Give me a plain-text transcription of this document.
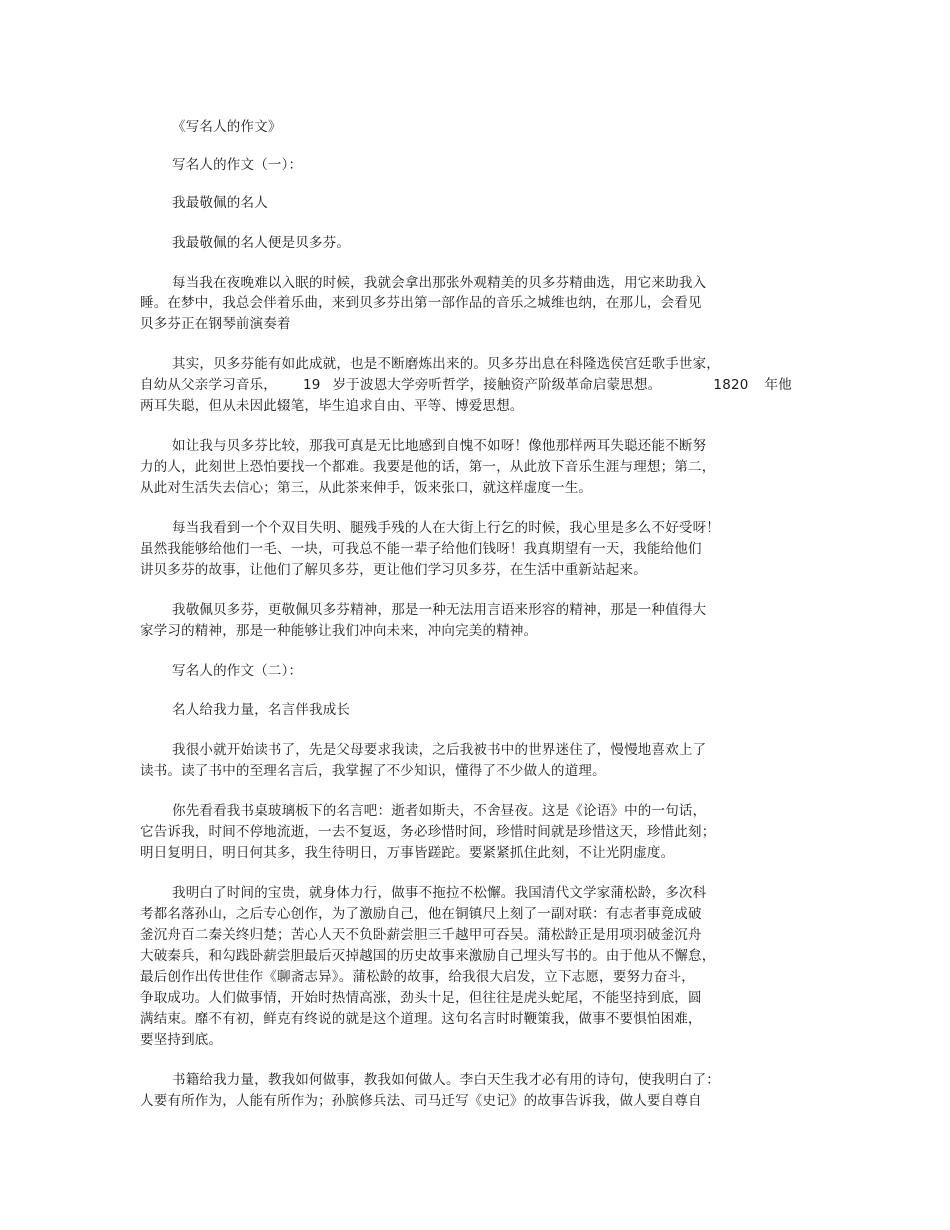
《写名人的作文》
写名人的作文（一）：
我最敬佩的名人
我最敬佩的名人便是贝多芬。
每当我在夜晚难以入眠的时候，我就会拿出那张外观精美的贝多芬精曲选，用它来助我入
睡。在梦中，我总会伴着乐曲，来到贝多芬出第一部作品的音乐之城维也纳，在那儿，会看见
贝多芬正在钢琴前演奏着
其实，贝多芬能有如此成就，也是不断磨炼出来的。贝多芬出息在科隆选侯宫廷歌手世家，
自幼从父亲学习音乐， 19 岁于波恩大学旁听哲学，接触资产阶级革命启蒙思想。	1820 年他
两耳失聪，但从未因此辍笔，毕生追求自由、平等、博爱思想。
如让我与贝多芬比较，那我可真是无比地感到自愧不如呀！像他那样两耳失聪还能不断努
力的人，此刻世上恐怕要找一个都难。我要是他的话，第一，从此放下音乐生涯与理想；第二，
从此对生活失去信心；第三，从此茶来伸手，饭来张口，就这样虚度一生。
每当我看到一个个双目失明、腿残手残的人在大街上行乞的时候，我心里是多么不好受呀！
虽然我能够给他们一毛、一块，可我总不能一辈子给他们钱呀！我真期望有一天，我能给他们
讲贝多芬的故事，让他们了解贝多芬，更让他们学习贝多芬，在生活中重新站起来。
我敬佩贝多芬，更敬佩贝多芬精神，那是一种无法用言语来形容的精神，那是一种值得大
家学习的精神，那是一种能够让我们冲向未来，冲向完美的精神。
写名人的作文（二）：
名人给我力量，名言伴我成长
我很小就开始读书了，先是父母要求我读，之后我被书中的世界迷住了，慢慢地喜欢上了
读书。读了书中的至理名言后，我掌握了不少知识，懂得了不少做人的道理。
你先看看我书桌玻璃板下的名言吧：逝者如斯夫，不舍昼夜。这是《论语》中的一句话，
它告诉我，时间不停地流逝，一去不复返，务必珍惜时间，珍惜时间就是珍惜这天，珍惜此刻；
明日复明日，明日何其多，我生待明日，万事皆蹉跎。要紧紧抓住此刻，不让光阴虚度。
我明白了时间的宝贵，就身体力行，做事不拖拉不松懈。我国清代文学家蒲松龄，多次科
考都名落孙山，之后专心创作，为了激励自己，他在铜镇尺上刻了一副对联：有志者事竟成破
釜沉舟百二秦关终归楚；苦心人天不负卧薪尝胆三千越甲可吞吴。蒲松龄正是用项羽破釜沉舟
大破秦兵，和勾践卧薪尝胆最后灭掉越国的历史故事来激励自己埋头写书的。由于他从不懈怠，
最后创作出传世佳作《聊斋志异》。蒲松龄的故事，给我很大启发，立下志愿，要努力奋斗，
争取成功。人们做事情，开始时热情高涨，劲头十足，但往往是虎头蛇尾，不能坚持到底，圆
满结束。靡不有初，鲜克有终说的就是这个道理。这句名言时时鞭策我，做事不要惧怕困难，
要坚持到底。
书籍给我力量，教我如何做事，教我如何做人。李白天生我才必有用的诗句，使我明白了：
人要有所作为，人能有所作为；孙膑修兵法、司马迁写《史记》的故事告诉我，做人要自尊自
